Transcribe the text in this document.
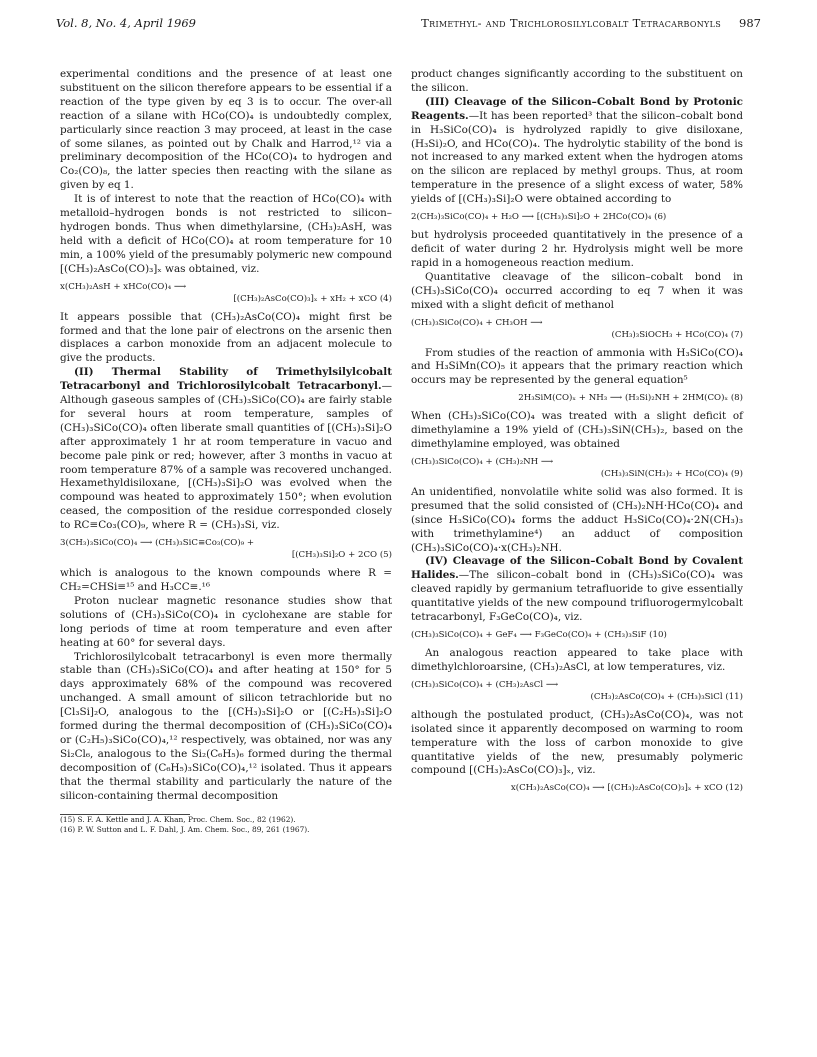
Vol. 8, No. 4, April 1969	Trimethyl- and Trichlorosilylcobalt Tetracarbonyls 987

experimental conditions and the presence of at least one substituent on the silicon therefore appears to be essential if a reaction of the type given by eq 3 is to occur. The over-all reaction of a silane with HCo(CO)₄ is undoubtedly complex, particularly since reaction 3 may proceed, at least in the case of some silanes, as pointed out by Chalk and Harrod,¹² via a preliminary decomposition of the HCo(CO)₄ to hydrogen and Co₂(CO)₈, the latter species then reacting with the silane as given by eq 1.

It is of interest to note that the reaction of HCo(CO)₄ with metalloid–hydrogen bonds is not restricted to silicon–hydrogen bonds. Thus when dimethylarsine, (CH₃)₂AsH, was held with a deficit of HCo(CO)₄ at room temperature for 10 min, a 100% yield of the presumably polymeric new compound [(CH₃)₂AsCo(CO)₃]ₓ was obtained, viz.

x(CH₃)₂AsH + xHCo(CO)₄ ⟶
[(CH₃)₂AsCo(CO)₃]ₓ + xH₂ + xCO (4)

It appears possible that (CH₃)₂AsCo(CO)₄ might first be formed and that the lone pair of electrons on the arsenic then displaces a carbon monoxide from an adjacent molecule to give the products.

(II) Thermal Stability of Trimethylsilylcobalt Tetracarbonyl and Trichlorosilylcobalt Tetracarbonyl.—Although gaseous samples of (CH₃)₃SiCo(CO)₄ are fairly stable for several hours at room temperature, samples of (CH₃)₃SiCo(CO)₄ often liberate small quantities of [(CH₃)₃Si]₂O after approximately 1 hr at room temperature in vacuo and become pale pink or red; however, after 3 months in vacuo at room temperature 87% of a sample was recovered unchanged. Hexamethyldisiloxane, [(CH₃)₃Si]₂O was evolved when the compound was heated to approximately 150°; when evolution ceased, the composition of the residue corresponded closely to RC≡Co₃(CO)₉, where R = (CH₃)₃Si, viz.

3(CH₃)₃SiCo(CO)₄ ⟶ (CH₃)₃SiC≡Co₃(CO)₉ +
[(CH₃)₃Si]₂O + 2CO (5)

which is analogous to the known compounds where R = CH₂=CHSi≡¹⁵ and H₃CC≡.¹⁶

Proton nuclear magnetic resonance studies show that solutions of (CH₃)₃SiCo(CO)₄ in cyclohexane are stable for long periods of time at room temperature and even after heating at 60° for several days.

Trichlorosilylcobalt tetracarbonyl is even more thermally stable than (CH₃)₃SiCo(CO)₄ and after heating at 150° for 5 days approximately 68% of the compound was recovered unchanged. A small amount of silicon tetrachloride but no [Cl₃Si]₂O, analogous to the [(CH₃)₃Si]₂O or [(C₂H₅)₃Si]₂O formed during the thermal decomposition of (CH₃)₃SiCo(CO)₄ or (C₂H₅)₃SiCo(CO)₄,¹² respectively, was obtained, nor was any Si₂Cl₆, analogous to the Si₂(C₆H₅)₆ formed during the thermal decomposition of (C₆H₅)₃SiCo(CO)₄,¹² isolated. Thus it appears that the thermal stability and particularly the nature of the silicon-containing thermal decomposition

(15) S. F. A. Kettle and J. A. Khan, Proc. Chem. Soc., 82 (1962).
(16) P. W. Sutton and L. F. Dahl, J. Am. Chem. Soc., 89, 261 (1967).

product changes significantly according to the substituent on the silicon.

(III) Cleavage of the Silicon–Cobalt Bond by Protonic Reagents.—It has been reported³ that the silicon–cobalt bond in H₃SiCo(CO)₄ is hydrolyzed rapidly to give disiloxane, (H₃Si)₂O, and HCo(CO)₄. The hydrolytic stability of the bond is not increased to any marked extent when the hydrogen atoms on the silicon are replaced by methyl groups. Thus, at room temperature in the presence of a slight excess of water, 58% yields of [(CH₃)₃Si]₂O were obtained according to

2(CH₃)₃SiCo(CO)₄ + H₂O ⟶ [(CH₃)₃Si]₂O + 2HCo(CO)₄ (6)

but hydrolysis proceeded quantitatively in the presence of a deficit of water during 2 hr. Hydrolysis might well be more rapid in a homogeneous reaction medium.

Quantitative cleavage of the silicon–cobalt bond in (CH₃)₃SiCo(CO)₄ occurred according to eq 7 when it was mixed with a slight deficit of methanol

(CH₃)₃SiCo(CO)₄ + CH₃OH ⟶
(CH₃)₃SiOCH₃ + HCo(CO)₄ (7)

From studies of the reaction of ammonia with H₃SiCo(CO)₄ and H₃SiMn(CO)₅ it appears that the primary reaction which occurs may be represented by the general equation⁵

2H₃SiM(CO)ₓ + NH₃ ⟶ (H₃Si)₂NH + 2HM(CO)ₓ (8)

When (CH₃)₃SiCo(CO)₄ was treated with a slight deficit of dimethylamine a 19% yield of (CH₃)₃SiN(CH₃)₂, based on the dimethylamine employed, was obtained

(CH₃)₃SiCo(CO)₄ + (CH₃)₂NH ⟶
(CH₃)₃SiN(CH₃)₂ + HCo(CO)₄ (9)

An unidentified, nonvolatile white solid was also formed. It is presumed that the solid consisted of (CH₃)₂NH·HCo(CO)₄ and (since H₃SiCo(CO)₄ forms the adduct H₃SiCo(CO)₄·2N(CH₃)₃ with trimethylamine⁴) an adduct of composition (CH₃)₃SiCo(CO)₄·x(CH₃)₂NH.

(IV) Cleavage of the Silicon–Cobalt Bond by Covalent Halides.—The silicon–cobalt bond in (CH₃)₃SiCo(CO)₄ was cleaved rapidly by germanium tetrafluoride to give essentially quantitative yields of the new compound trifluorogermylcobalt tetracarbonyl, F₃GeCo(CO)₄, viz.

(CH₃)₃SiCo(CO)₄ + GeF₄ ⟶ F₃GeCo(CO)₄ + (CH₃)₃SiF (10)

An analogous reaction appeared to take place with dimethylchloroarsine, (CH₃)₂AsCl, at low temperatures, viz.

(CH₃)₃SiCo(CO)₄ + (CH₃)₂AsCl ⟶
(CH₃)₂AsCo(CO)₄ + (CH₃)₃SiCl (11)

although the postulated product, (CH₃)₂AsCo(CO)₄, was not isolated since it apparently decomposed on warming to room temperature with the loss of carbon monoxide to give quantitative yields of the new, presumably polymeric compound [(CH₃)₂AsCo(CO)₃]ₓ, viz.

x(CH₃)₂AsCo(CO)₄ ⟶ [(CH₃)₂AsCo(CO)₃]ₓ + xCO (12)
